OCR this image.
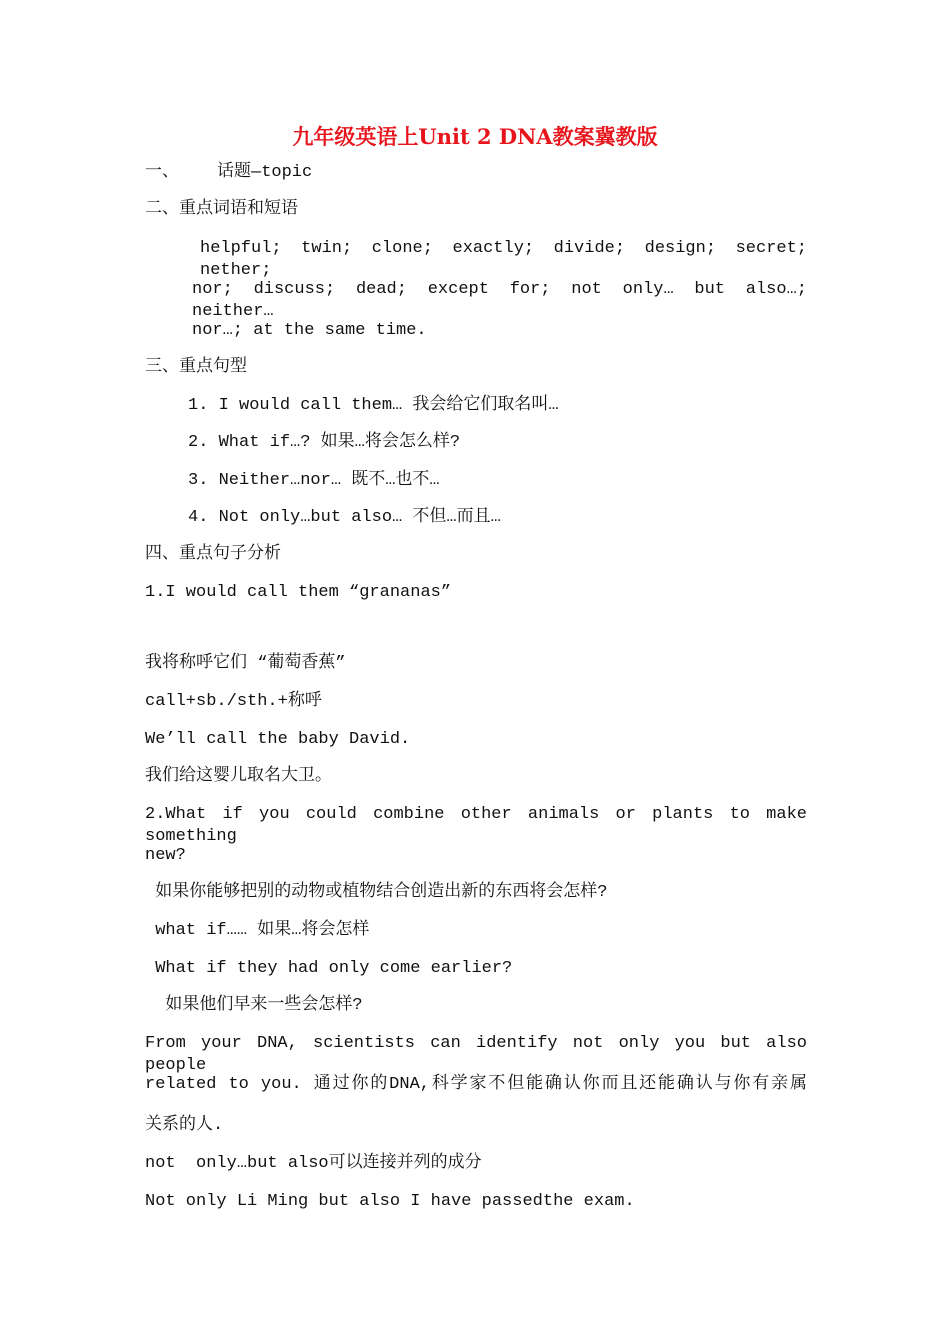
九年级英语上Unit 2 DNA教案冀教版
一、 话题—topic
二、重点词语和短语
helpful; twin; clone; exactly; divide; design; secret; nether;
nor; discuss; dead; except for; not only… but also…; neither…
nor…; at the same time.
三、重点句型
1. I would call them… 我会给它们取名叫…
2. What if…? 如果…将会怎么样?
3. Neither…nor… 既不…也不…
4. Not only…but also… 不但…而且…
四、重点句子分析
1.I would call them “grananas”
我将称呼它们 “葡萄香蕉”
call+sb./sth.+称呼
We’ll call the baby David.
我们给这婴儿取名大卫。
2.What if you could combine other animals or plants to make something
new?
如果你能够把别的动物或植物结合创造出新的东西将会怎样?
what if…… 如果…将会怎样
What if they had only come earlier?
如果他们早来一些会怎样?
From your DNA, scientists can identify not only you but also people
related to you. 通过你的DNA,科学家不但能确认你而且还能确认与你有亲属
关系的人.
not  only…but also可以连接并列的成分
Not only Li Ming but also I have passedthe exam.
